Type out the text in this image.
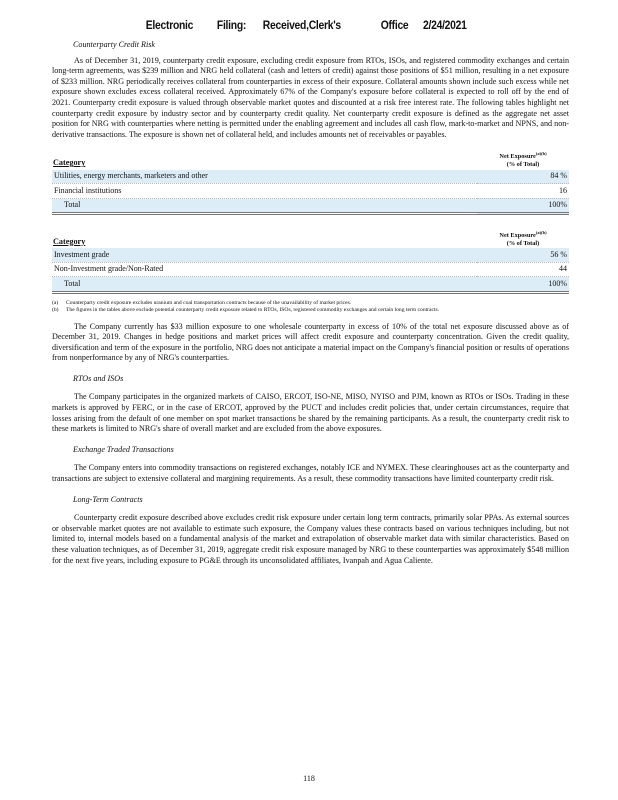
Electronic Filing: Received,Clerk's	Office 2/24/2021
Counterparty Credit Risk

As of December 31, 2019, counterparty credit exposure, excluding credit exposure from RTOs, ISOs, and registered commodity exchanges and certain long-term agreements, was $239 million and NRG held collateral (cash and letters of credit) against those positions of $51 million, resulting in a net exposure of $233 million. NRG periodically receives collateral from counterparties in excess of their exposure. Collateral amounts shown include such excess while net exposure shown excludes excess collateral received. Approximately 67% of the Company's exposure before collateral is expected to roll off by the end of 2021. Counterparty credit exposure is valued through observable market quotes and discounted at a risk free interest rate. The following tables highlight net counterparty credit exposure by industry sector and by counterparty credit quality. Net counterparty credit exposure is defined as the aggregate net asset position for NRG with counterparties where netting is permitted under the enabling agreement and includes all cash flow, mark-to-market and NPNS, and non-derivative transactions. The exposure is shown net of collateral held, and includes amounts net of receivables or payables.

Category	Net Exposure$^{(a)(b)}$
(% of Total)
Utilities, energy merchants, marketers and other	84 %
Financial institutions	16
Total	100%
Category	Net Exposure$^{(a)(b)}$
(% of Total)
Investment grade	56 %
Non-Investment grade/Non-Rated	44
Total	100%
(a)	Counterparty credit exposure excludes uranium and coal transportation contracts because of the unavailability of market prices.
(b)	The figures in the tables above exclude potential counterparty credit exposure related to RTOs, ISOs, registered commodity exchanges and certain long term contracts.

The Company currently has $33 million exposure to one wholesale counterparty in excess of 10% of the total net exposure discussed above as of December 31, 2019. Changes in hedge positions and market prices will affect credit exposure and counterparty concentration. Given the credit quality, diversification and term of the exposure in the portfolio, NRG does not anticipate a material impact on the Company's financial position or results of operations from nonperformance by any of NRG's counterparties.

RTOs and ISOs

The Company participates in the organized markets of CAISO, ERCOT, ISO-NE, MISO, NYISO and PJM, known as RTOs or ISOs. Trading in these markets is approved by FERC, or in the case of ERCOT, approved by the PUCT and includes credit policies that, under certain circumstances, require that losses arising from the default of one member on spot market transactions be shared by the remaining participants. As a result, the counterparty credit risk to these markets is limited to NRG's share of overall market and are excluded from the above exposures.

Exchange Traded Transactions

The Company enters into commodity transactions on registered exchanges, notably ICE and NYMEX. These clearinghouses act as the counterparty and transactions are subject to extensive collateral and margining requirements. As a result, these commodity transactions have limited counterparty credit risk.

Long-Term Contracts

Counterparty credit exposure described above excludes credit risk exposure under certain long term contracts, primarily solar PPAs. As external sources or observable market quotes are not available to estimate such exposure, the Company values these contracts based on various techniques including, but not limited to, internal models based on a fundamental analysis of the market and extrapolation of observable market data with similar characteristics. Based on these valuation techniques, as of December 31, 2019, aggregate credit risk exposure managed by NRG to these counterparties was approximately $548 million for the next five years, including exposure to PG&E through its unconsolidated affiliates, Ivanpah and Agua Caliente.

118
